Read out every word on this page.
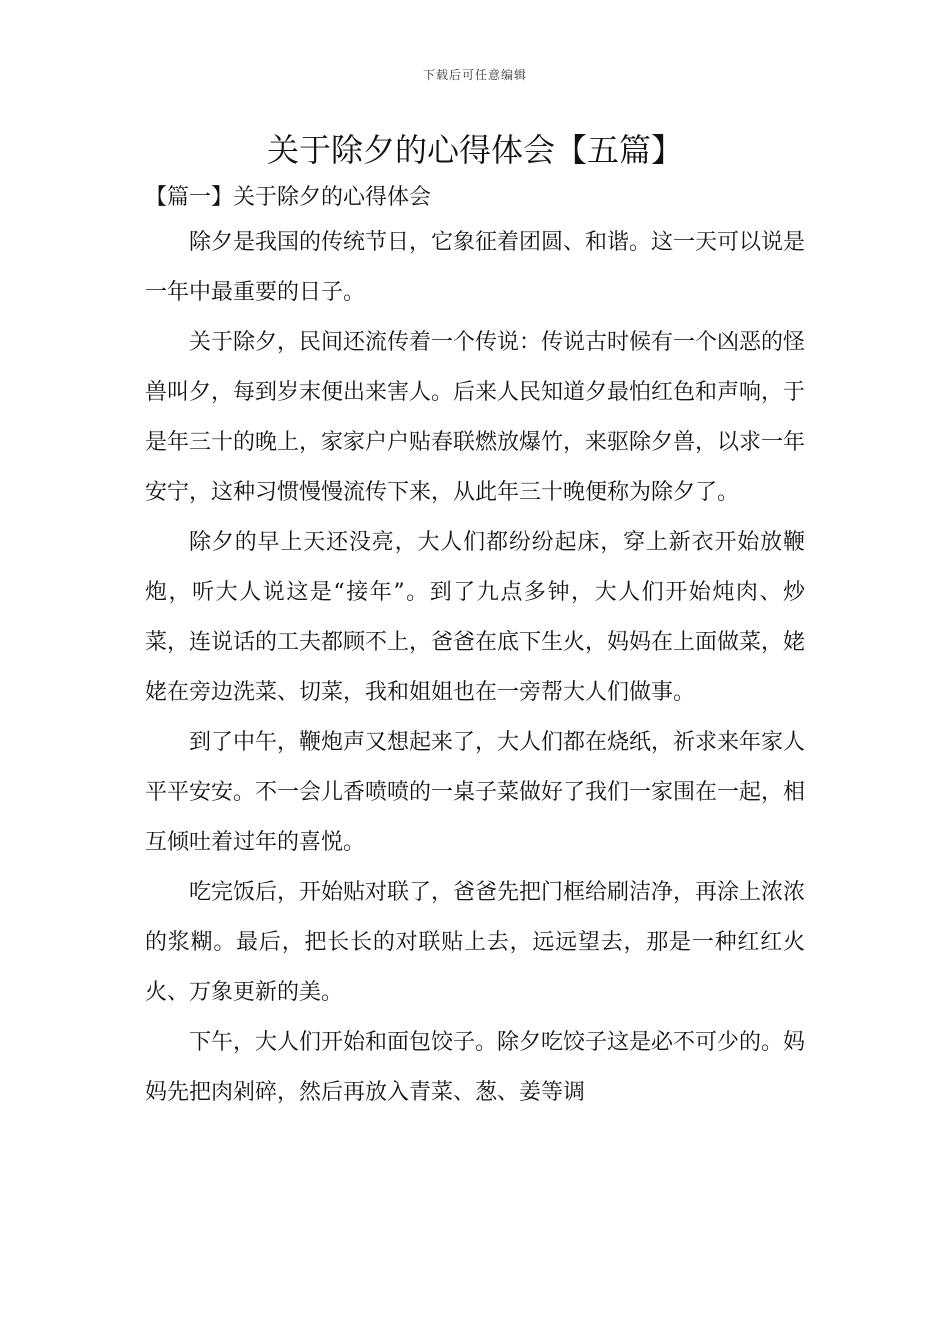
下载后可任意编辑
关于除夕的心得体会【五篇】
【篇一】关于除夕的心得体会

除夕是我国的传统节日，它象征着团圆、和谐。这一天可以说是一年中最重要的日子。

关于除夕，民间还流传着一个传说：传说古时候有一个凶恶的怪兽叫夕，每到岁末便出来害人。后来人民知道夕最怕红色和声响，于是年三十的晚上，家家户户贴春联燃放爆竹，来驱除夕兽，以求一年安宁，这种习惯慢慢流传下来，从此年三十晚便称为除夕了。

除夕的早上天还没亮，大人们都纷纷起床，穿上新衣开始放鞭炮，听大人说这是“接年”。到了九点多钟，大人们开始炖肉、炒菜，连说话的工夫都顾不上，爸爸在底下生火，妈妈在上面做菜，姥姥在旁边洗菜、切菜，我和姐姐也在一旁帮大人们做事。

到了中午，鞭炮声又想起来了，大人们都在烧纸，祈求来年家人平平安安。不一会儿香喷喷的一桌子菜做好了我们一家围在一起，相互倾吐着过年的喜悦。

吃完饭后，开始贴对联了，爸爸先把门框给刷洁净，再涂上浓浓的浆糊。最后，把长长的对联贴上去，远远望去，那是一种红红火火、万象更新的美。

下午，大人们开始和面包饺子。除夕吃饺子这是必不可少的。妈妈先把肉剁碎，然后再放入青菜、葱、姜等调
